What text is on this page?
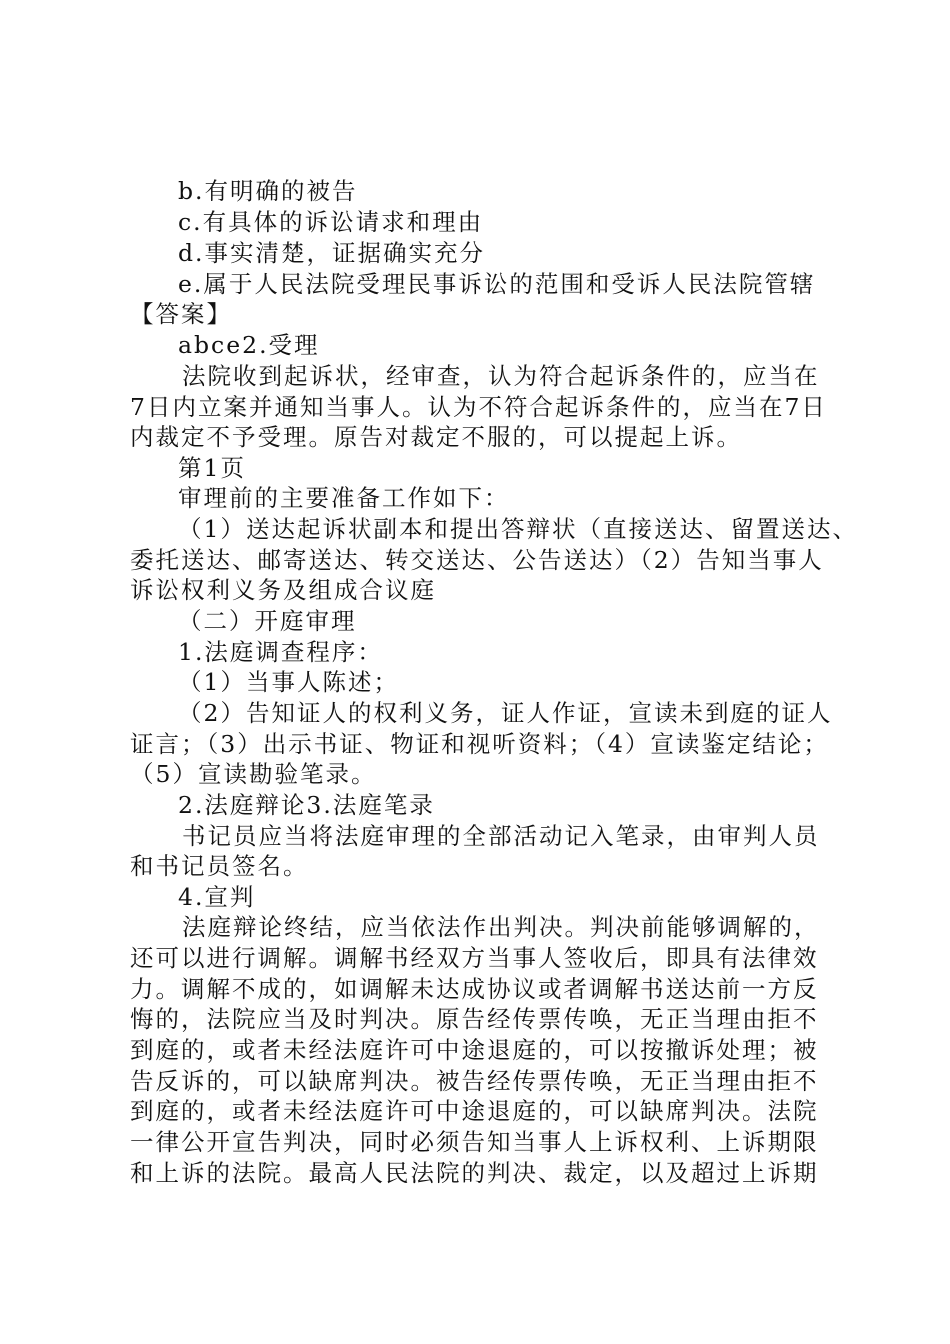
b.有明确的被告
c.有具体的诉讼请求和理由
d.事实清楚，证据确实充分
e.属于人民法院受理民事诉讼的范围和受诉人民法院管辖
【答案】
abce2.受理
法院收到起诉状，经审查，认为符合起诉条件的，应当在
7日内立案并通知当事人。认为不符合起诉条件的，应当在7日
内裁定不予受理。原告对裁定不服的，可以提起上诉。
第1页
审理前的主要准备工作如下：
（1）送达起诉状副本和提出答辩状（直接送达、留置送达、
委托送达、邮寄送达、转交送达、公告送达）（2）告知当事人
诉讼权利义务及组成合议庭
（二）开庭审理
1.法庭调查程序：
（1）当事人陈述；
（2）告知证人的权利义务，证人作证，宣读未到庭的证人
证言；（3）出示书证、物证和视听资料；（4）宣读鉴定结论；
（5）宣读勘验笔录。
2.法庭辩论3.法庭笔录
书记员应当将法庭审理的全部活动记入笔录，由审判人员
和书记员签名。
4.宣判
法庭辩论终结，应当依法作出判决。判决前能够调解的，
还可以进行调解。调解书经双方当事人签收后，即具有法律效
力。调解不成的，如调解未达成协议或者调解书送达前一方反
悔的，法院应当及时判决。原告经传票传唤，无正当理由拒不
到庭的，或者未经法庭许可中途退庭的，可以按撤诉处理；被
告反诉的，可以缺席判决。被告经传票传唤，无正当理由拒不
到庭的，或者未经法庭许可中途退庭的，可以缺席判决。法院
一律公开宣告判决，同时必须告知当事人上诉权利、上诉期限
和上诉的法院。最高人民法院的判决、裁定，以及超过上诉期
